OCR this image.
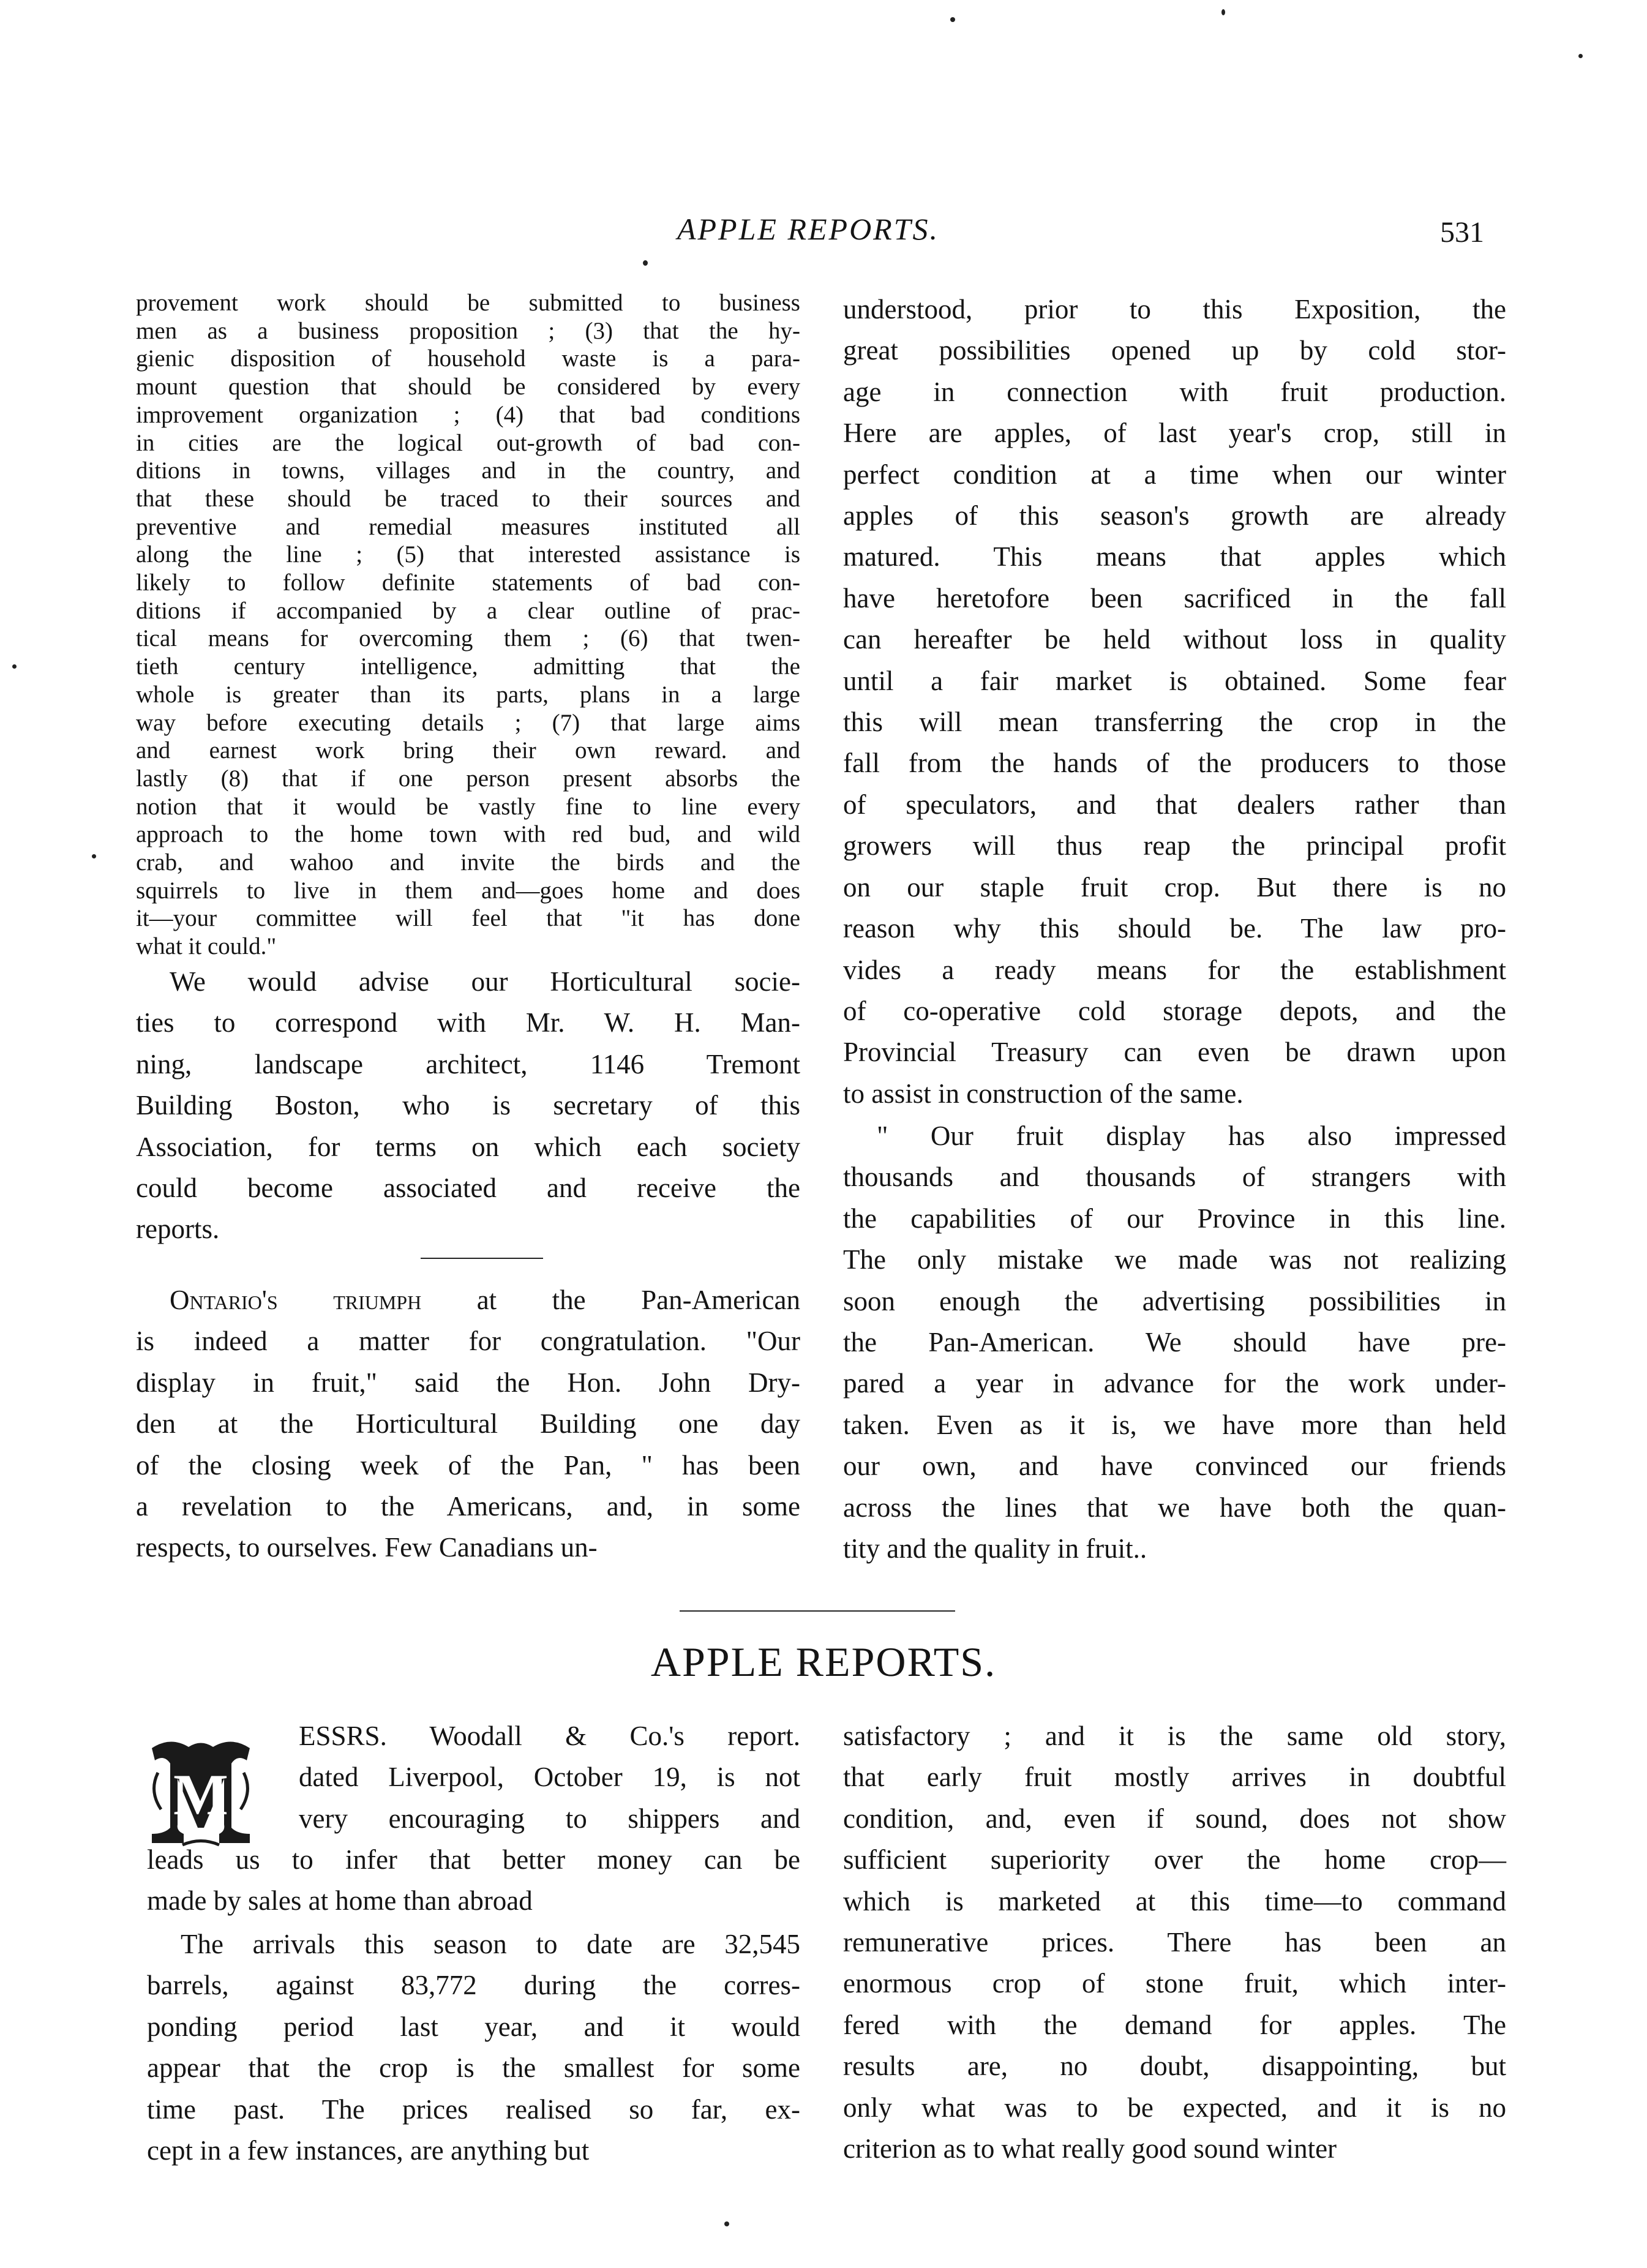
APPLE REPORTS.	531

provement work should be submitted to business

men as a business proposition ; (3) that the hy-

gienic disposition of household waste is a para-

mount question that should be considered by every

improvement organization ; (4) that bad conditions

in cities are the logical out-growth of bad con-

ditions in towns, villages and in the country, and

that these should be traced to their sources and

preventive and remedial measures instituted all

along the line ; (5) that interested assistance is

likely to follow definite statements of bad con-

ditions if accompanied by a clear outline of prac-

tical means for overcoming them ; (6) that twen-

tieth century intelligence, admitting that the

whole is greater than its parts, plans in a large

way before executing details ; (7) that large aims

and earnest work bring their own reward. and

lastly (8) that if one person present absorbs the

notion that it would be vastly fine to line every

approach to the home town with red bud, and wild

crab, and wahoo and invite the birds and the

squirrels to live in them and—goes home and does

it—your committee will feel that "it has done

what it could."

We would advise our Horticultural socie-

ties to correspond with Mr. W. H. Man-

ning, landscape architect, 1146 Tremont

Building Boston, who is secretary of this

Association, for terms on which each society

could become associated and receive the

reports.

Ontario's triumph at the Pan-American

is indeed a matter for congratulation. "Our

display in fruit," said the Hon. John Dry-

den at the Horticultural Building one day

of the closing week of the Pan, " has been

a revelation to the Americans, and, in some

respects, to ourselves. Few Canadians un-

understood, prior to this Exposition, the

great possibilities opened up by cold stor-

age in connection with fruit production.

Here are apples, of last year's crop, still in

perfect condition at a time when our winter

apples of this season's growth are already

matured. This means that apples which

have heretofore been sacrificed in the fall

can hereafter be held without loss in quality

until a fair market is obtained. Some fear

this will mean transferring the crop in the

fall from the hands of the producers to those

of speculators, and that dealers rather than

growers will thus reap the principal profit

on our staple fruit crop. But there is no

reason why this should be. The law pro-

vides a ready means for the establishment

of co-operative cold storage depots, and the

Provincial Treasury can even be drawn upon

to assist in construction of the same.

" Our fruit display has also impressed

thousands and thousands of strangers with

the capabilities of our Province in this line.

The only mistake we made was not realizing

soon enough the advertising possibilities in

the Pan-American. We should have pre-

pared a year in advance for the work under-

taken. Even as it is, we have more than held

our own, and have convinced our friends

across the lines that we have both the quan-

tity and the quality in fruit..

APPLE REPORTS.
M

ESSRS. Woodall & Co.'s report.

dated Liverpool, October 19, is not

very encouraging to shippers and

leads us to infer that better money can be

made by sales at home than abroad

The arrivals this season to date are 32,545

barrels, against 83,772 during the corres-

ponding period last year, and it would

appear that the crop is the smallest for some

time past. The prices realised so far, ex-

cept in a few instances, are anything but

satisfactory ; and it is the same old story,

that early fruit mostly arrives in doubtful

condition, and, even if sound, does not show

sufficient superiority over the home crop—

which is marketed at this time—to command

remunerative prices. There has been an

enormous crop of stone fruit, which inter-

fered with the demand for apples. The

results are, no doubt, disappointing, but

only what was to be expected, and it is no

criterion as to what really good sound winter
